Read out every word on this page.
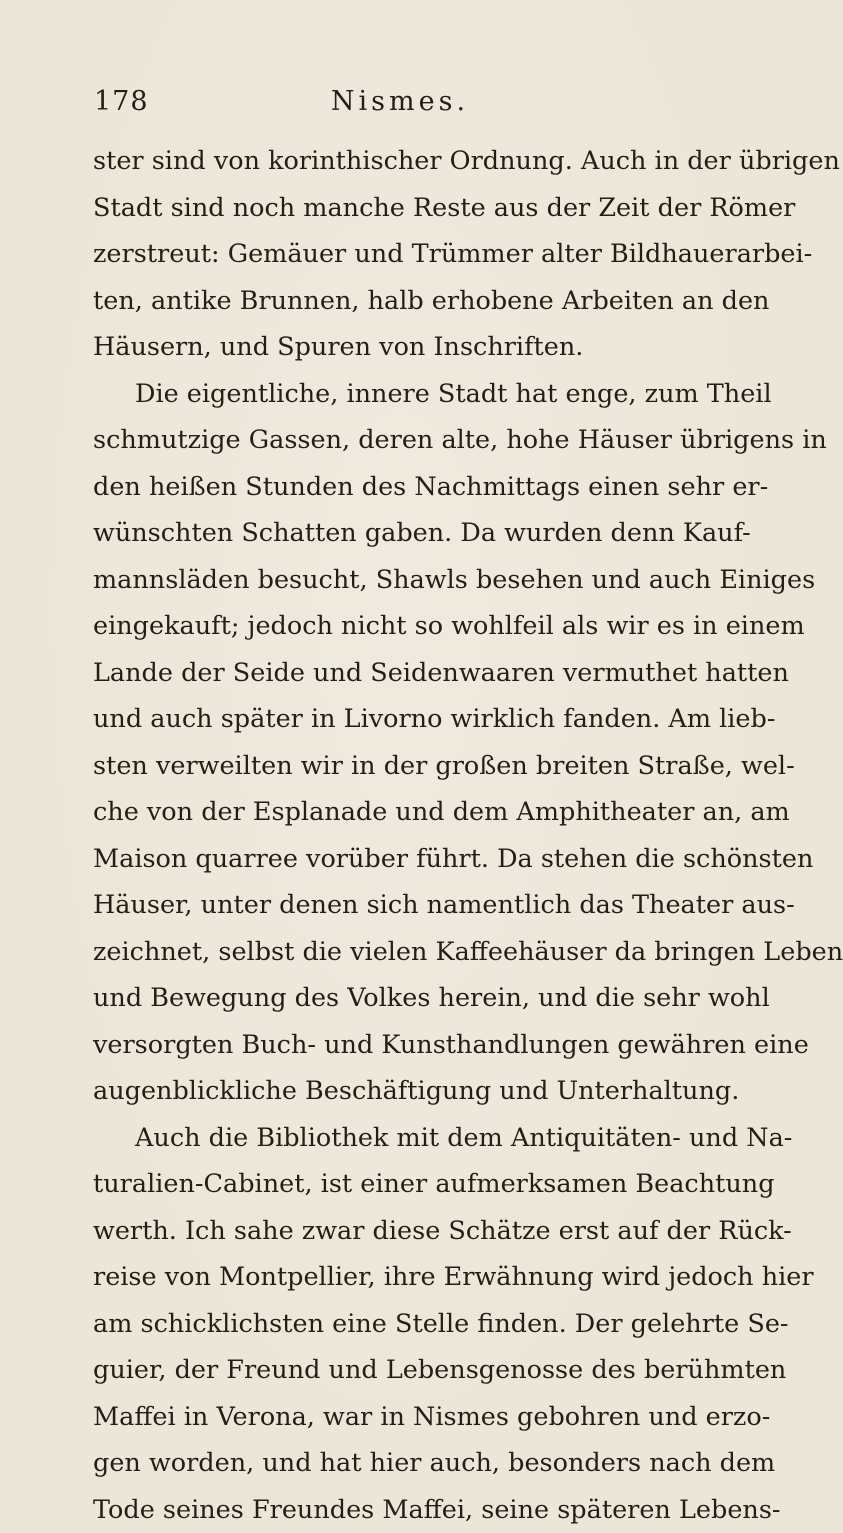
178	Nismes.
ster sind von korinthischer Ordnung. Auch in der übrigen
Stadt sind noch manche Reste aus der Zeit der Römer
zerstreut: Gemäuer und Trümmer alter Bildhauerarbei-
ten, antike Brunnen, halb erhobene Arbeiten an den
Häusern, und Spuren von Inschriften.
Die eigentliche, innere Stadt hat enge, zum Theil
schmutzige Gassen, deren alte, hohe Häuser übrigens in
den heißen Stunden des Nachmittags einen sehr er-
wünschten Schatten gaben. Da wurden denn Kauf-
mannsläden besucht, Shawls besehen und auch Einiges
eingekauft; jedoch nicht so wohlfeil als wir es in einem
Lande der Seide und Seidenwaaren vermuthet hatten
und auch später in Livorno wirklich fanden. Am lieb-
sten verweilten wir in der großen breiten Straße, wel-
che von der Esplanade und dem Amphitheater an, am
Maison quarree vorüber führt. Da stehen die schönsten
Häuser, unter denen sich namentlich das Theater aus-
zeichnet, selbst die vielen Kaffeehäuser da bringen Leben
und Bewegung des Volkes herein, und die sehr wohl
versorgten Buch- und Kunsthandlungen gewähren eine
augenblickliche Beschäftigung und Unterhaltung.
Auch die Bibliothek mit dem Antiquitäten- und Na-
turalien-Cabinet, ist einer aufmerksamen Beachtung
werth. Ich sahe zwar diese Schätze erst auf der Rück-
reise von Montpellier, ihre Erwähnung wird jedoch hier
am schicklichsten eine Stelle finden. Der gelehrte Se-
guier, der Freund und Lebensgenosse des berühmten
Maffei in Verona, war in Nismes gebohren und erzo-
gen worden, und hat hier auch, besonders nach dem
Tode seines Freundes Maffei, seine späteren Lebens-
